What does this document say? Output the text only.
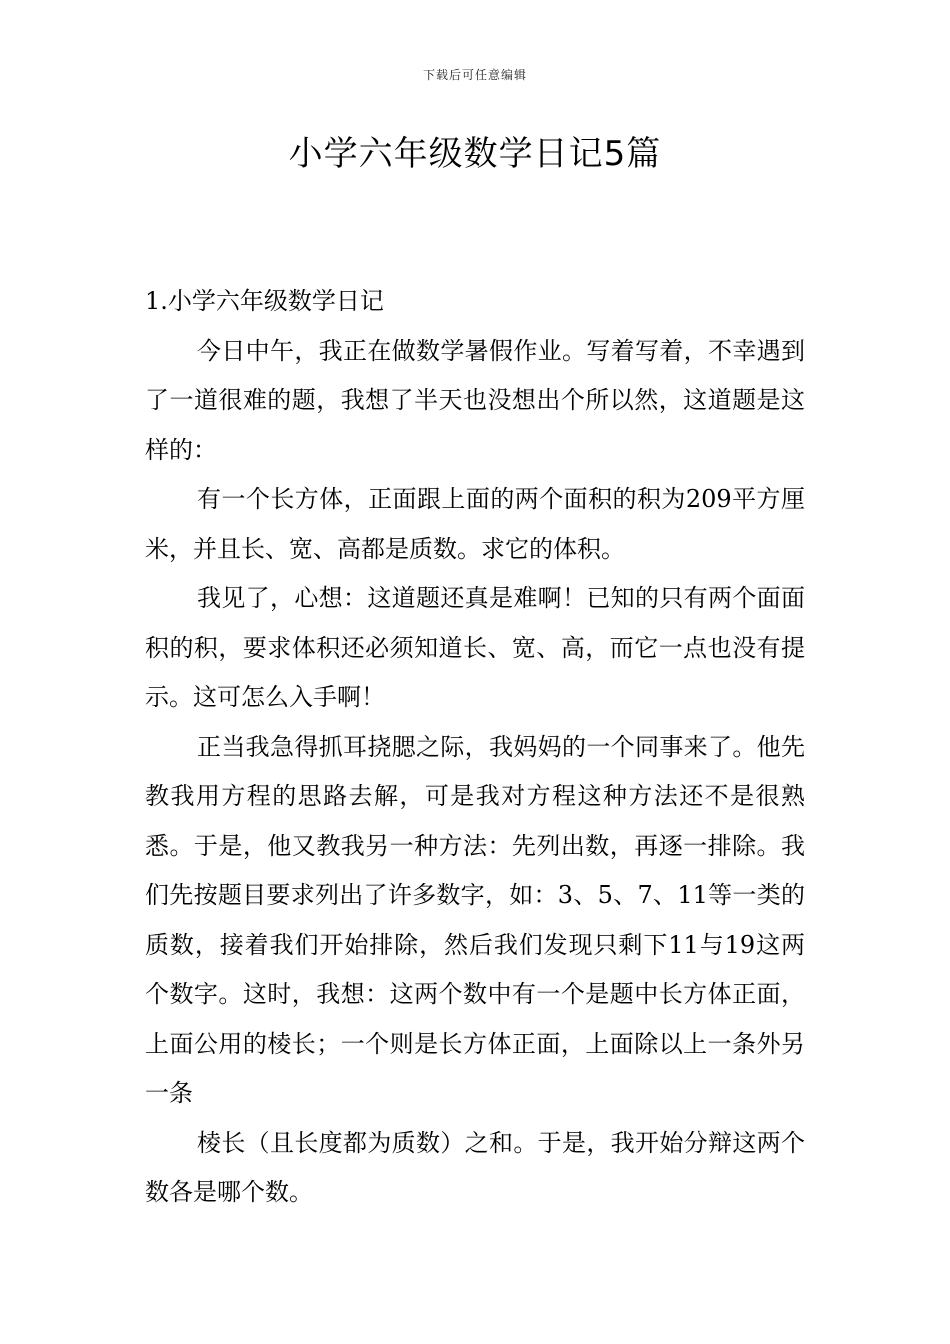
下载后可任意编辑
小学六年级数学日记5篇

1.小学六年级数学日记

今日中午，我正在做数学暑假作业。写着写着，不幸遇到了一道很难的题，我想了半天也没想出个所以然，这道题是这样的：

有一个长方体，正面跟上面的两个面积的积为209平方厘米，并且长、宽、高都是质数。求它的体积。

我见了，心想：这道题还真是难啊！已知的只有两个面面积的积，要求体积还必须知道长、宽、高，而它一点也没有提示。这可怎么入手啊！

正当我急得抓耳挠腮之际，我妈妈的一个同事来了。他先教我用方程的思路去解，可是我对方程这种方法还不是很熟悉。于是，他又教我另一种方法：先列出数，再逐一排除。我们先按题目要求列出了许多数字，如：3、5、7、11等一类的质数，接着我们开始排除，然后我们发现只剩下11与19这两个数字。这时，我想：这两个数中有一个是题中长方体正面，上面公用的棱长；一个则是长方体正面，上面除以上一条外另一条

棱长（且长度都为质数）之和。于是，我开始分辩这两个数各是哪个数。
